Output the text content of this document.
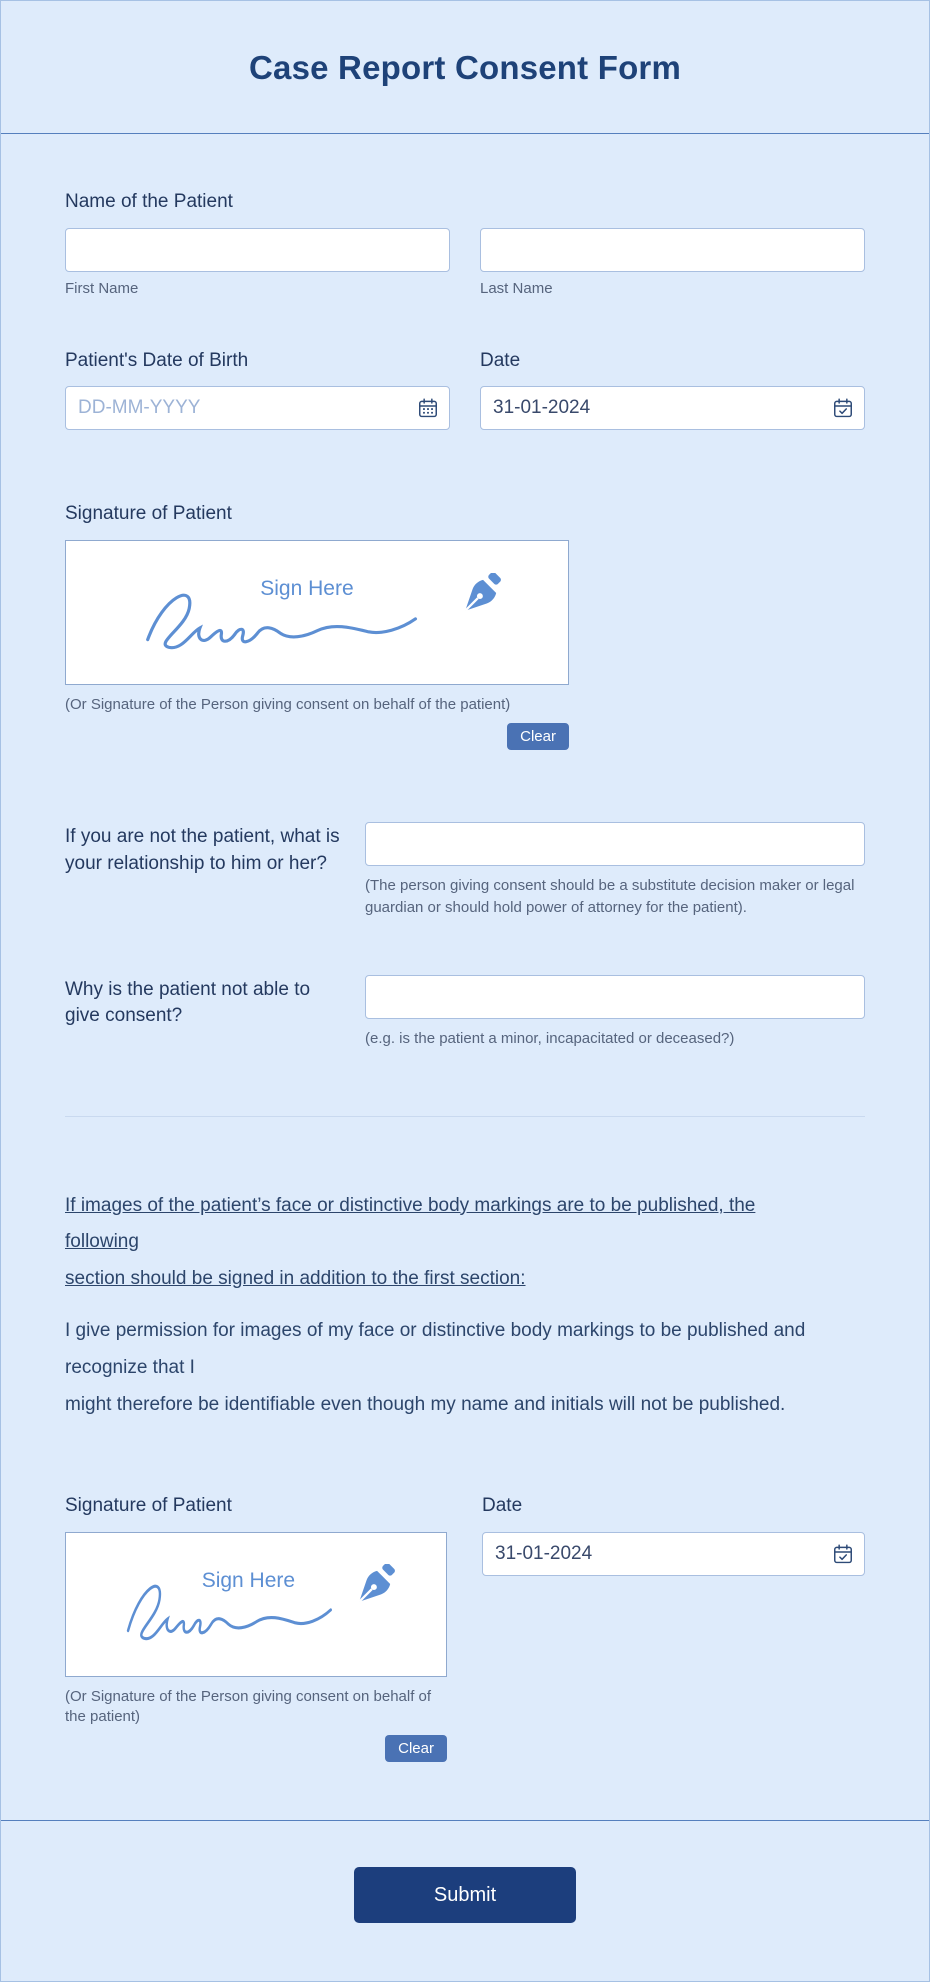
Case Report Consent Form
Name of the Patient
First Name	Last Name
Patient's Date of Birth
DD-MM-YYYY	Date
31-01-2024
Signature of Patient
Sign Here
(Or Signature of the Person giving consent on behalf of the patient)
Clear
If you are not the patient, what is your relationship to him or her?
(The person giving consent should be a substitute decision maker or legal guardian or should hold power of attorney for the patient).
Why is the patient not able to give consent?
(e.g. is the patient a minor, incapacitated or deceased?)

If images of the patient’s face or distinctive body markings are to be published, the
following
section should be signed in addition to the first section:

I give permission for images of my face or distinctive body markings to be published and
recognize that I
might therefore be identifiable even though my name and initials will not be published.

Signature of Patient
Sign Here
(Or Signature of the Person giving consent on behalf of the patient)
Clear
Date
31-01-2024
Submit
